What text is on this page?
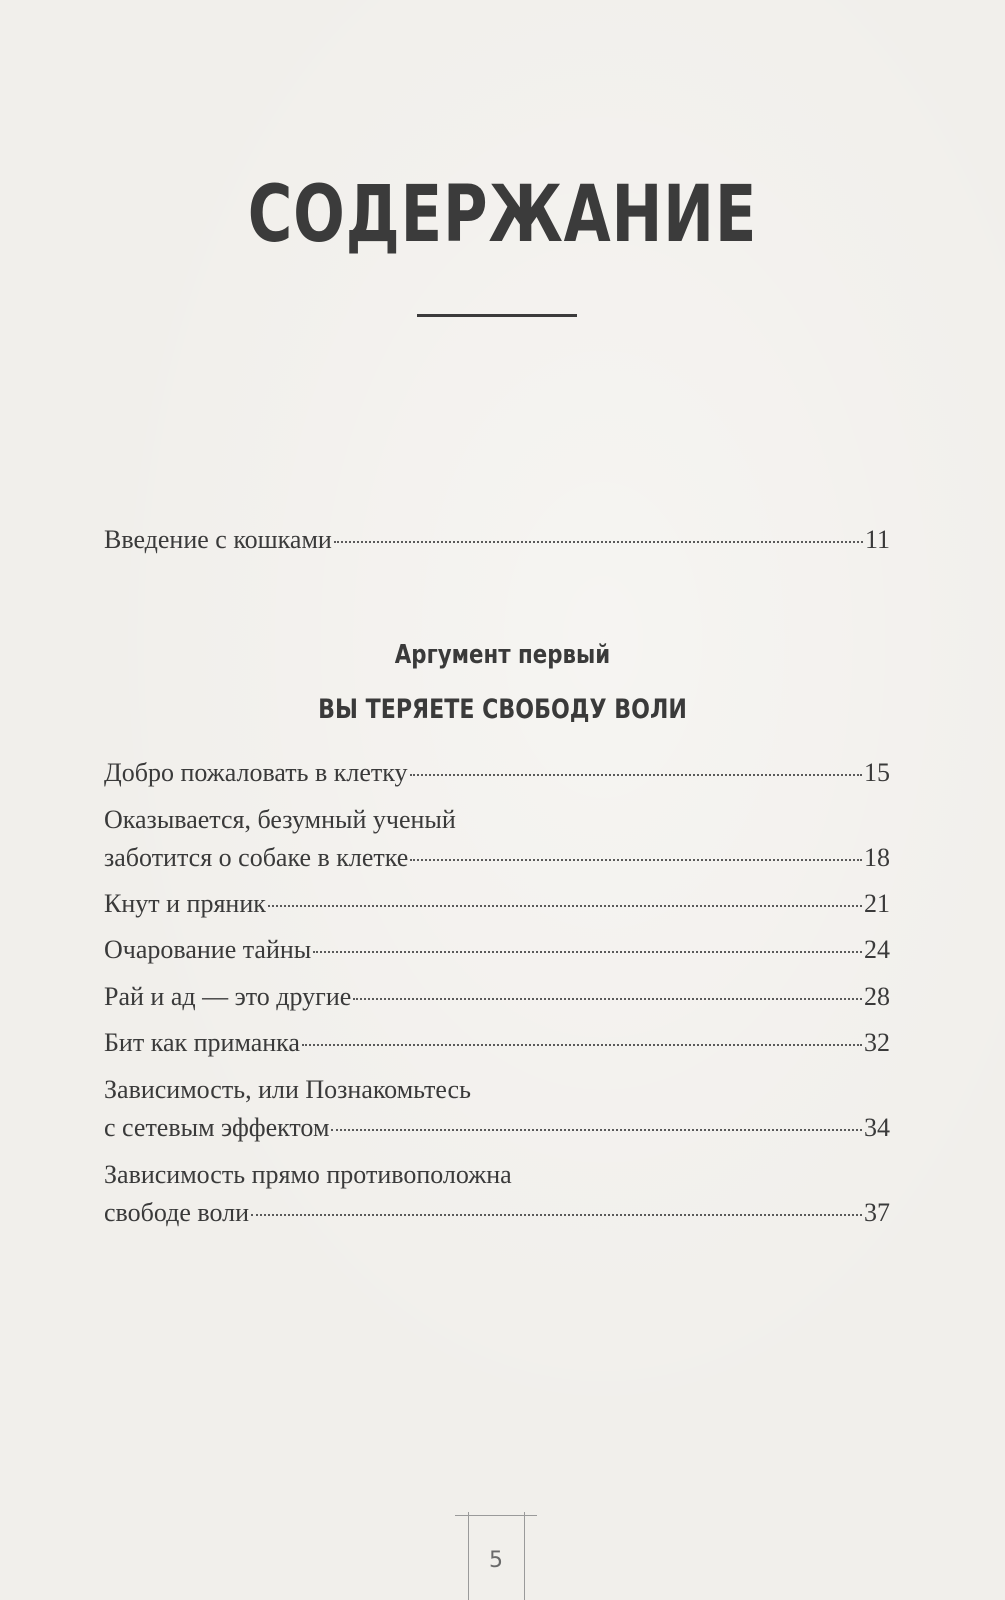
СОДЕРЖАНИЕ
Введение с кошками	11
Аргумент первый
ВЫ ТЕРЯЕТЕ СВОБОДУ ВОЛИ
Добро пожаловать в клетку	15
Оказывается, безумный ученый
заботится о собаке в клетке	18
Кнут и пряник	21
Очарование тайны	24
Рай и ад — это другие	28
Бит как приманка	32
Зависимость, или Познакомьтесь
с сетевым эффектом	34
Зависимость прямо противоположна
свободе воли	37
5
